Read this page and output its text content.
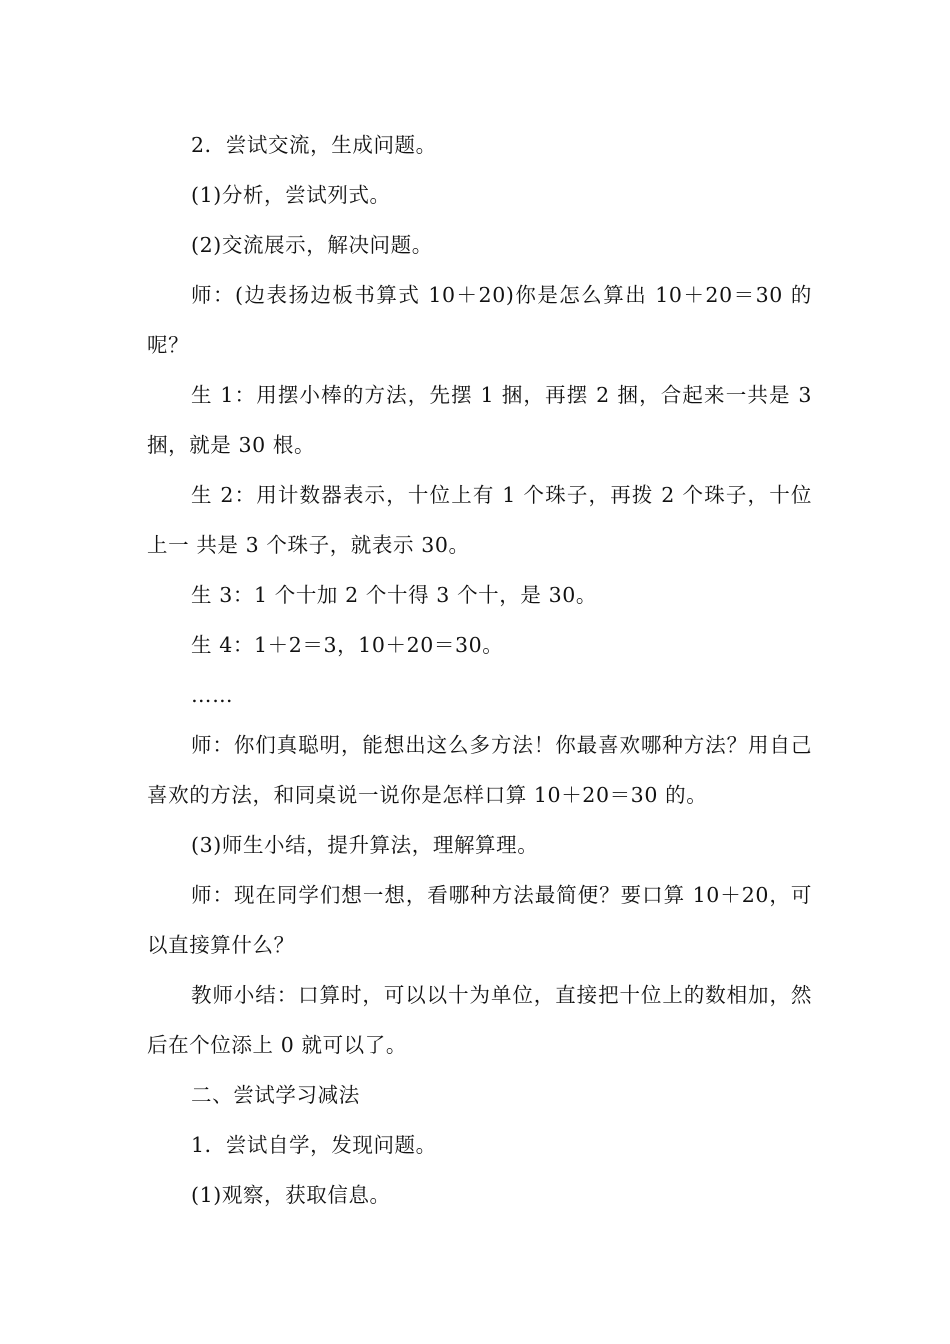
2．尝试交流，生成问题。

(1)分析，尝试列式。

(2)交流展示，解决问题。

师：(边表扬边板书算式 10＋20)你是怎么算出 10＋20＝30 的呢？

生 1：用摆小棒的方法，先摆 1 捆，再摆 2 捆，合起来一共是 3 捆，就是 30 根。

生 2：用计数器表示，十位上有 1 个珠子，再拨 2 个珠子，十位上一 共是 3 个珠子，就表示 30。

生 3：1 个十加 2 个十得 3 个十，是 30。

生 4：1＋2＝3，10＋20＝30。

……

师：你们真聪明，能想出这么多方法！你最喜欢哪种方法？用自己喜欢的方法，和同桌说一说你是怎样口算 10＋20＝30 的。

(3)师生小结，提升算法，理解算理。

师：现在同学们想一想，看哪种方法最简便？要口算 10＋20，可以直接算什么？

教师小结：口算时，可以以十为单位，直接把十位上的数相加，然后在个位添上 0 就可以了。

二、尝试学习减法

1．尝试自学，发现问题。

(1)观察，获取信息。
